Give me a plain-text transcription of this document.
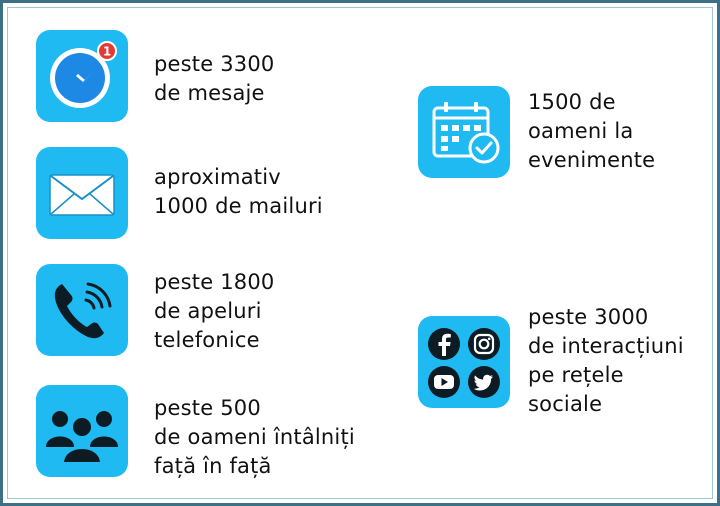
1
peste 3300
de mesaje
aproximativ
1000 de mailuri
peste 1800
de apeluri
telefonice
peste 500
de oameni întâlniți
față în față
1500 de
oameni la
evenimente
peste 3000
de interacțiuni
pe rețele
sociale
